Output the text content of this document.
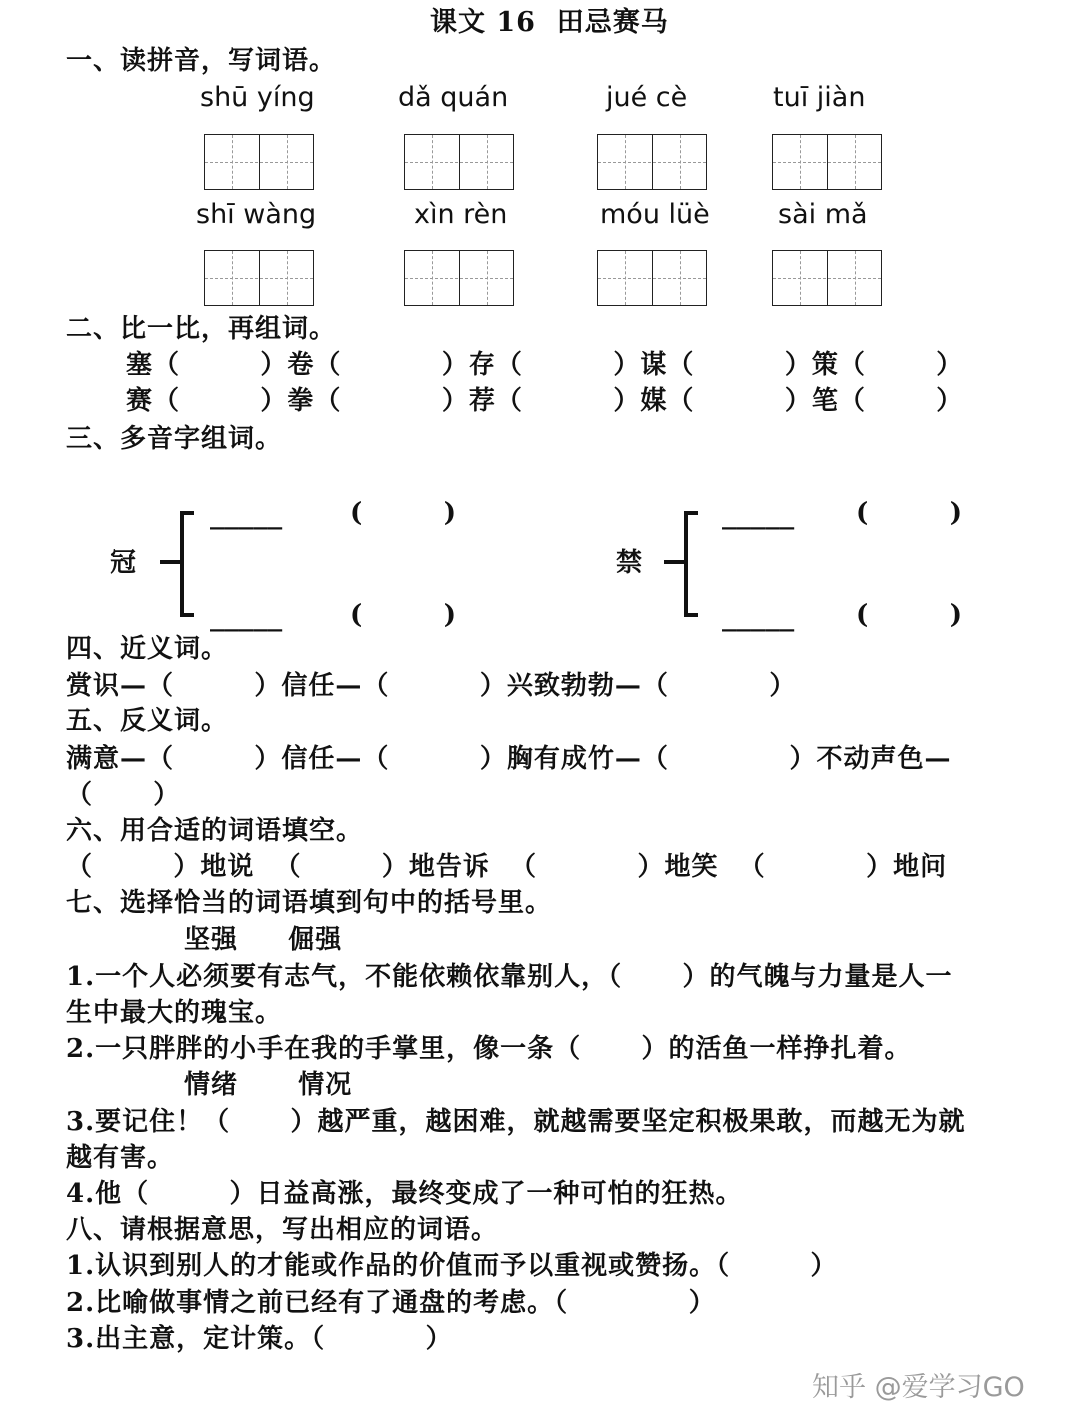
课文 16  田忌赛马
一、读拼音，写词语。
shū yíng	dǎ quán	jué cè	tuī jiàn
shī wàng	xìn rèn	móu lüè	sài mǎ
二、比一比，再组词。
塞（        ）卷（          ）存（         ）谋（         ）策（       ）
赛（        ）拳（          ）荐（         ）媒（         ）笔（       ）
三、多音字组词。
冠
_____	(        )
_____	(        )
禁
_____ (        )
_____ (        )
四、近义词。
赏识—（        ）信任—（         ）兴致勃勃—（          ）
五、反义词。
满意—（        ）信任—（         ）胸有成竹—（            ）不动声色—
（      ）
六、用合适的词语填空。
（        ）地说  （        ）地告诉  （          ）地笑  （          ）地问
七、选择恰当的词语填到句中的括号里。
坚强     倔强
1.一个人必须要有志气，不能依赖依靠别人，（      ）的气魄与力量是人一
生中最大的瑰宝。
2.一只胖胖的小手在我的手掌里，像一条（      ）的活鱼一样挣扎着。
情绪      情况
3.要记住！（      ）越严重，越困难，就越需要坚定积极果敢，而越无为就
越有害。
4.他（        ）日益高涨，最终变成了一种可怕的狂热。
八、请根据意思，写出相应的词语。
1.认识到别人的才能或作品的价值而予以重视或赞扬。（        ）
2.比喻做事情之前已经有了通盘的考虑。（            ）
3.出主意，定计策。（          ）
知乎 @爱学习GO
